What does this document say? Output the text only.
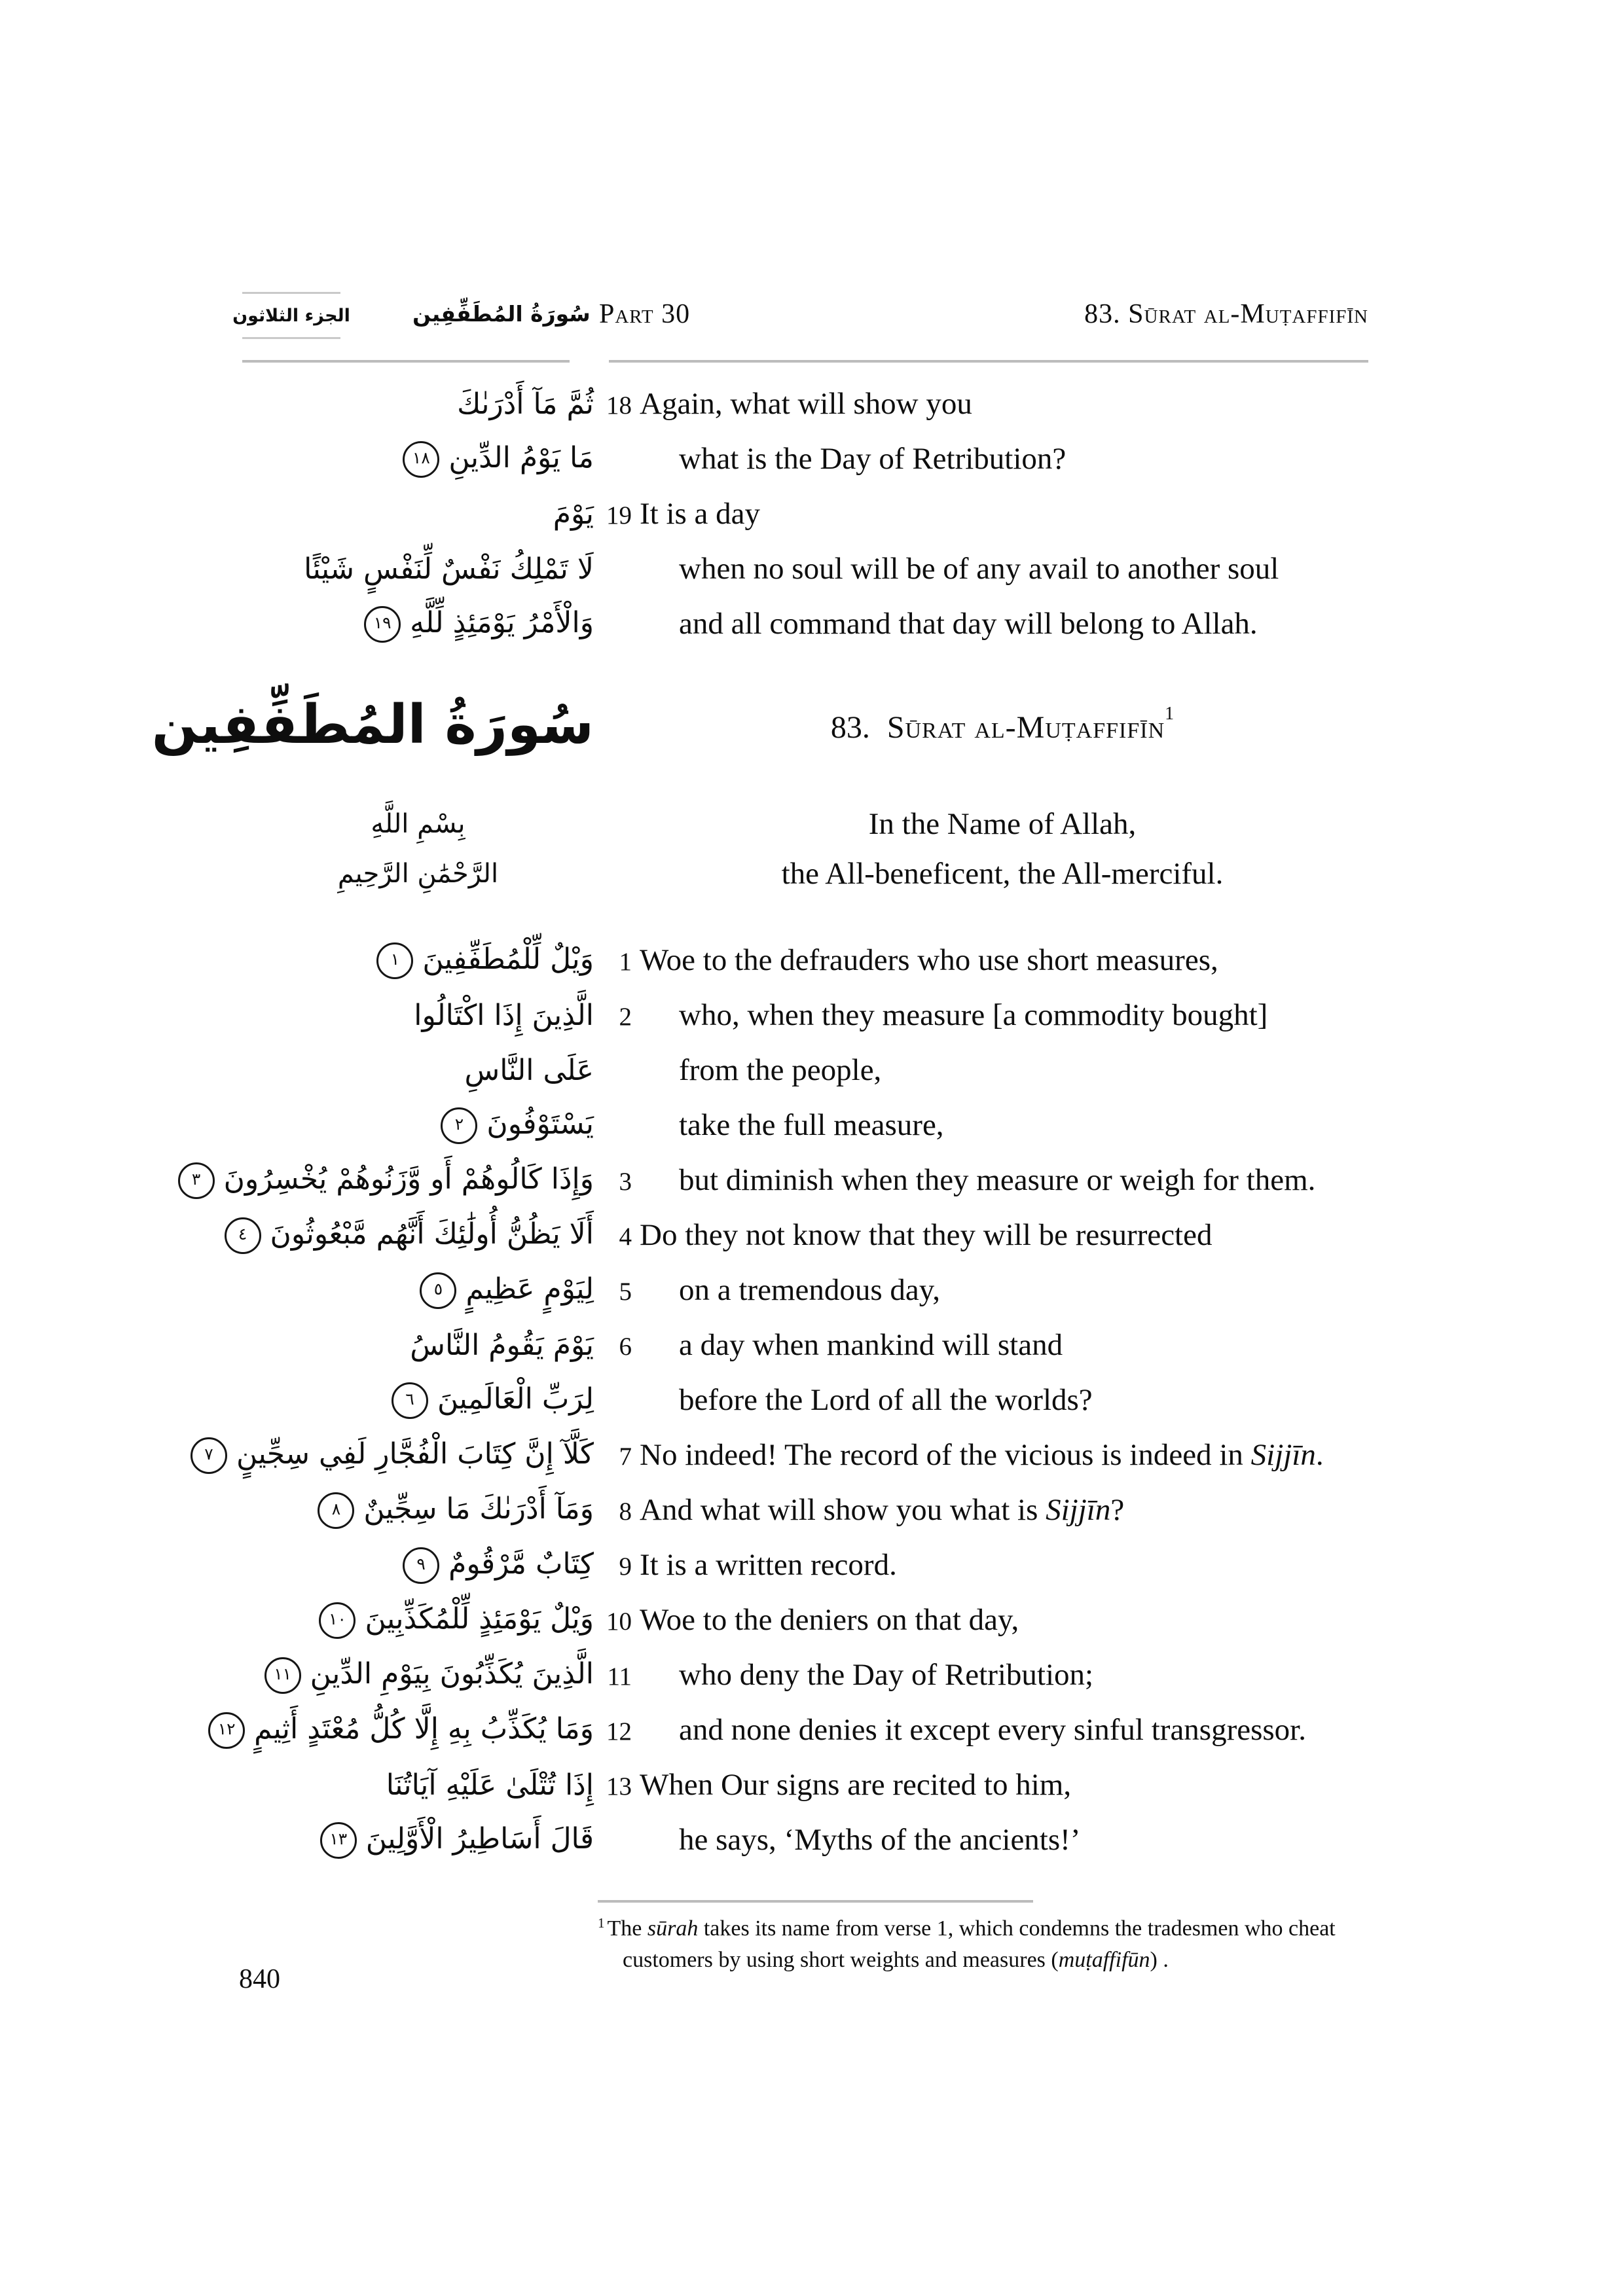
الجزء الثلاثون	سُورَةُ المُطَفِّفِين Part 30	83. Sūrat al-Muṭaffifīn
ثُمَّ مَآ أَدْرَىٰكَ 18 Again, what will show you
مَا يَوْمُ الدِّينِ١٨	what is the Day of Retribution?
يَوْمَ 19 It is a day
لَا تَمْلِكُ نَفْسٌ لِّنَفْسٍ شَيْئًا	when no soul will be of any avail to another soul
وَالْأَمْرُ يَوْمَئِذٍ لِّلَّهِ١٩	and all command that day will belong to Allah.
سُورَةُ المُطَفِّفِين	83. Sūrat al-Muṭaffifīn$^1$
بِسْمِ اللَّهِ	In the Name of Allah,
الرَّحْمَٰنِ الرَّحِيمِ	the All-beneficent, the All-merciful.
وَيْلٌ لِّلْمُطَفِّفِينَ١	1 Woe to the defrauders who use short measures,
الَّذِينَ إِذَا اكْتَالُوا 2	who, when they measure [a commodity bought]
عَلَى النَّاسِ	from the people,
يَسْتَوْفُونَ٢	take the full measure,
وَإِذَا كَالُوهُمْ أَو وَّزَنُوهُمْ يُخْسِرُونَ٣	3	but diminish when they measure or weigh for them.
أَلَا يَظُنُّ أُولَٰئِكَ أَنَّهُم مَّبْعُوثُونَ٤	4 Do they not know that they will be resurrected
لِيَوْمٍ عَظِيمٍ٥	5	on a tremendous day,
يَوْمَ يَقُومُ النَّاسُ 6	a day when mankind will stand
لِرَبِّ الْعَالَمِينَ٦	before the Lord of all the worlds?
كَلَّآ إِنَّ كِتَابَ الْفُجَّارِ لَفِي سِجِّينٍ٧	7 No indeed! The record of the vicious is indeed in Sijjīn.
وَمَآ أَدْرَىٰكَ مَا سِجِّينٌ٨	8 And what will show you what is Sijjīn?
كِتَابٌ مَّرْقُومٌ٩	9 It is a written record.
وَيْلٌ يَوْمَئِذٍ لِّلْمُكَذِّبِينَ١٠	10 Woe to the deniers on that day,
الَّذِينَ يُكَذِّبُونَ بِيَوْمِ الدِّينِ١١	11	who deny the Day of Retribution;
وَمَا يُكَذِّبُ بِهِ إِلَّا كُلُّ مُعْتَدٍ أَثِيمٍ١٢	12	and none denies it except every sinful transgressor.
إِذَا تُتْلَىٰ عَلَيْهِ آيَاتُنَا 13 When Our signs are recited to him,
قَالَ أَسَاطِيرُ الْأَوَّلِينَ١٣	he says, ‘Myths of the ancients!’
$^1$ The sūrah takes its name from verse 1, which condemns the tradesmen who cheat
customers by using short weights and measures (muṭaffifūn) .
840
